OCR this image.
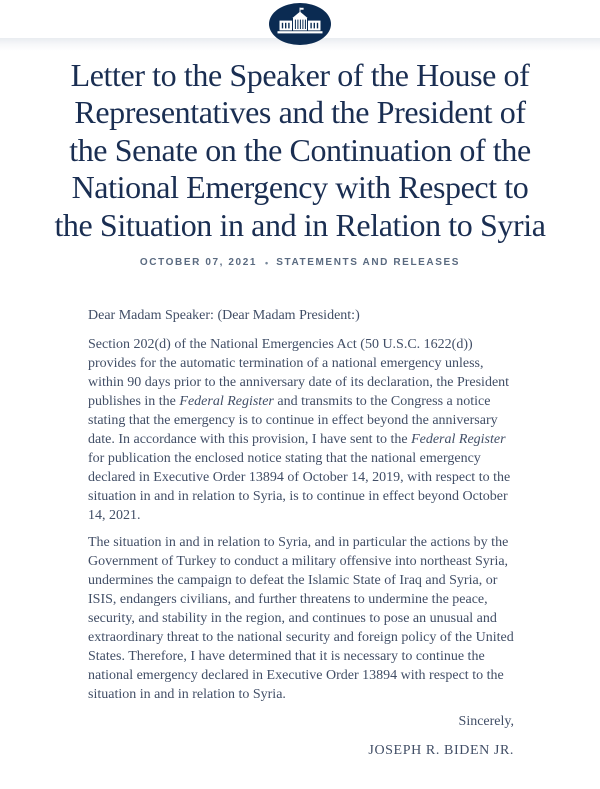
Letter to the Speaker of the House of
Representatives and the President of
the Senate on the Continuation of the
National Emergency with Respect to
the Situation in and in Relation to Syria
OCTOBER 07, 2021 • STATEMENTS AND RELEASES

Dear Madam Speaker: (Dear Madam President:)

Section 202(d) of the National Emergencies Act (50 U.S.C. 1622(d)) provides for the automatic termination of a national emergency unless, within 90 days prior to the anniversary date of its declaration, the President publishes in the Federal Register and transmits to the Congress a notice stating that the emergency is to continue in effect beyond the anniversary date. In accordance with this provision, I have sent to the Federal Register for publication the enclosed notice stating that the national emergency declared in Executive Order 13894 of October 14, 2019, with respect to the situation in and in relation to Syria, is to continue in effect beyond October 14, 2021.

The situation in and in relation to Syria, and in particular the actions by the Government of Turkey to conduct a military offensive into northeast Syria, undermines the campaign to defeat the Islamic State of Iraq and Syria, or ISIS, endangers civilians, and further threatens to undermine the peace, security, and stability in the region, and continues to pose an unusual and extraordinary threat to the national security and foreign policy of the United States. Therefore, I have determined that it is necessary to continue the national emergency declared in Executive Order 13894 with respect to the situation in and in relation to Syria.

Sincerely,

JOSEPH R. BIDEN JR.
